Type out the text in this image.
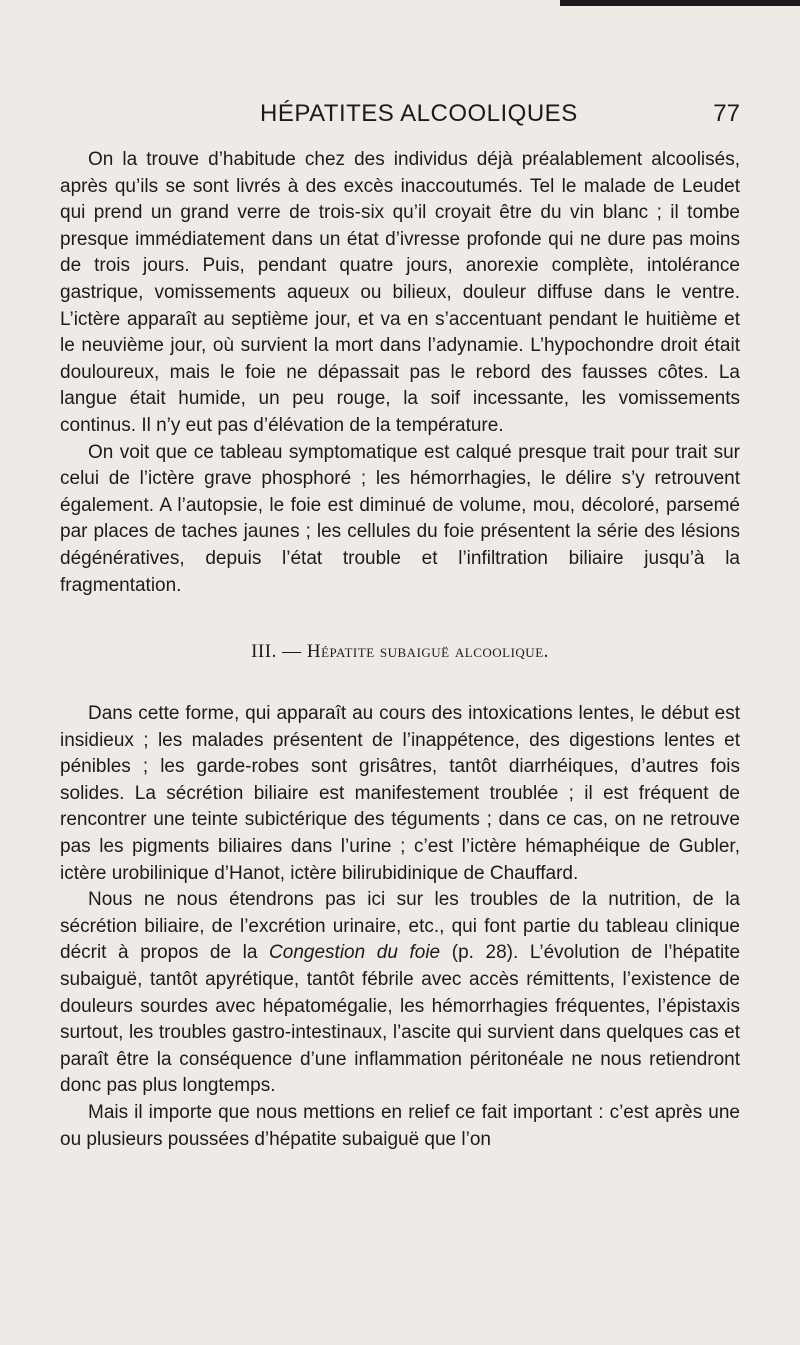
HÉPATITES ALCOOLIQUES	77

On la trouve d’habitude chez des individus déjà préalablement alcoolisés, après qu’ils se sont livrés à des excès inaccoutumés. Tel le malade de Leudet qui prend un grand verre de trois-six qu’il croyait être du vin blanc ; il tombe presque immédiatement dans un état d’ivresse profonde qui ne dure pas moins de trois jours. Puis, pendant quatre jours, anorexie complète, intolérance gastrique, vomissements aqueux ou bilieux, douleur diffuse dans le ventre. L’ictère apparaît au septième jour, et va en s’accentuant pendant le huitième et le neuvième jour, où survient la mort dans l’adynamie. L’hypochondre droit était douloureux, mais le foie ne dépassait pas le rebord des fausses côtes. La langue était humide, un peu rouge, la soif incessante, les vomissements continus. Il n’y eut pas d’élévation de la température.

On voit que ce tableau symptomatique est calqué presque trait pour trait sur celui de l’ictère grave phosphoré ; les hémorrhagies, le délire s’y retrouvent également. A l’autopsie, le foie est diminué de volume, mou, décoloré, parsemé par places de taches jaunes ; les cellules du foie présentent la série des lésions dégénératives, depuis l’état trouble et l’infiltration biliaire jusqu’à la fragmentation.

III. — Hépatite subaiguë alcoolique.

Dans cette forme, qui apparaît au cours des intoxications lentes, le début est insidieux ; les malades présentent de l’inappétence, des digestions lentes et pénibles ; les garde-robes sont grisâtres, tantôt diarrhéiques, d’autres fois solides. La sécrétion biliaire est manifestement troublée ; il est fréquent de rencontrer une teinte subictérique des téguments ; dans ce cas, on ne retrouve pas les pigments biliaires dans l’urine ; c’est l’ictère hémaphéique de Gubler, ictère urobilinique d’Hanot, ictère bilirubidinique de Chauffard.

Nous ne nous étendrons pas ici sur les troubles de la nutrition, de la sécrétion biliaire, de l’excrétion urinaire, etc., qui font partie du tableau clinique décrit à propos de la Congestion du foie (p. 28). L’évolution de l’hépatite subaiguë, tantôt apyrétique, tantôt fébrile avec accès rémittents, l’existence de douleurs sourdes avec hépatomégalie, les hémorrhagies fréquentes, l’épistaxis surtout, les troubles gastro-intestinaux, l’ascite qui survient dans quelques cas et paraît être la conséquence d’une inflammation péritonéale ne nous retiendront donc pas plus longtemps.

Mais il importe que nous mettions en relief ce fait important : c’est après une ou plusieurs poussées d’hépatite subaiguë que l’on
